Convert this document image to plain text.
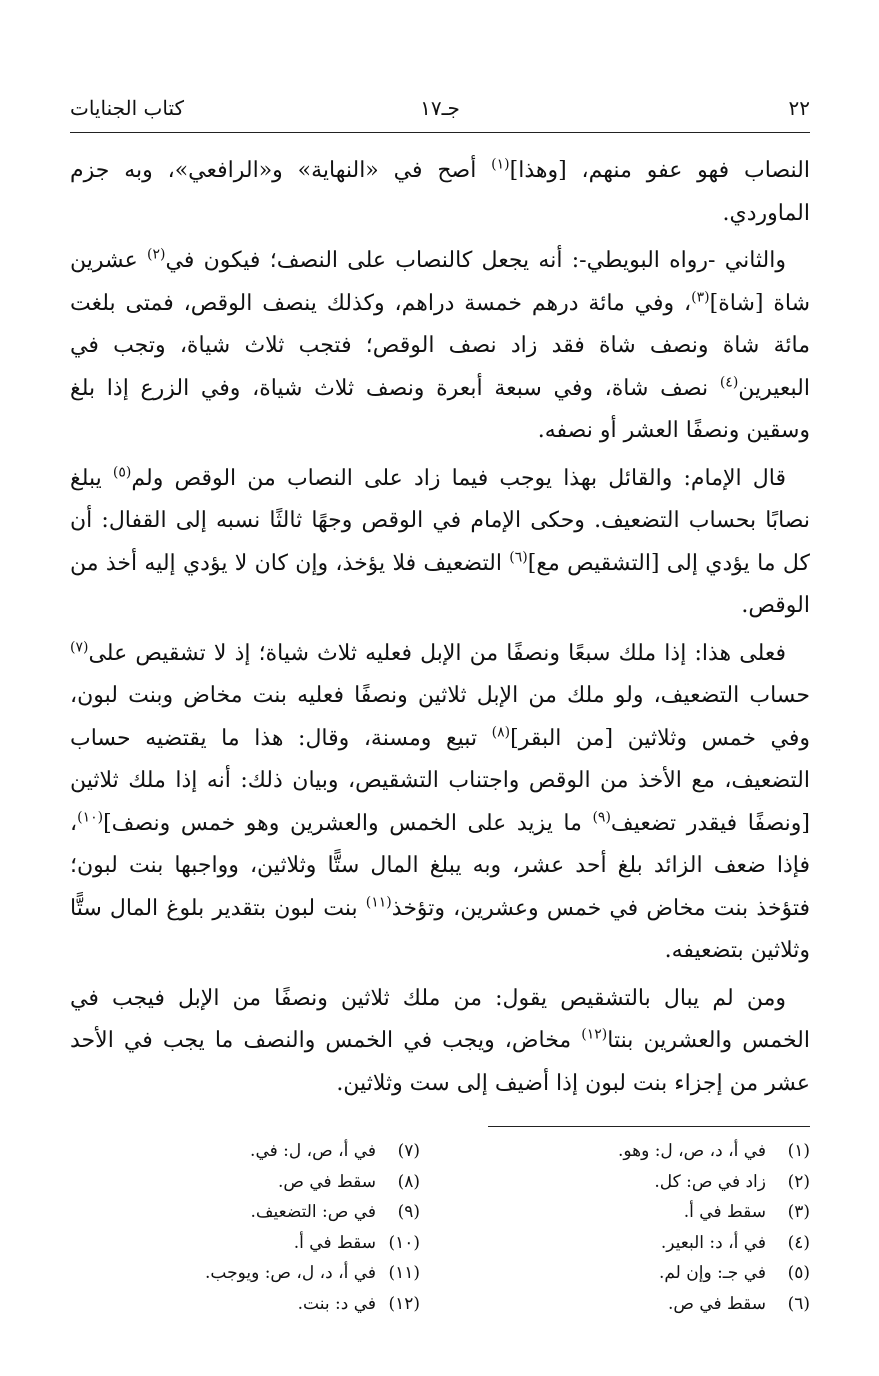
٢٢
جـ١٧
كتاب الجنايات

النصاب فهو عفو منهم، [وهذا]$^{(١)}$ أصح في «النهاية» و«الرافعي»، وبه جزم الماوردي.

والثاني -رواه البويطي-: أنه يجعل كالنصاب على النصف؛ فيكون في$^{(٢)}$ عشرين شاة [شاة]$^{(٣)}$، وفي مائة درهم خمسة دراهم، وكذلك ينصف الوقص، فمتى بلغت مائة شاة ونصف شاة فقد زاد نصف الوقص؛ فتجب ثلاث شياة، وتجب في البعيرين$^{(٤)}$ نصف شاة، وفي سبعة أبعرة ونصف ثلاث شياة، وفي الزرع إذا بلغ وسقين ونصفًا العشر أو نصفه.

قال الإمام: والقائل بهذا يوجب فيما زاد على النصاب من الوقص ولم$^{(٥)}$ يبلغ نصابًا بحساب التضعيف. وحكى الإمام في الوقص وجهًا ثالثًا نسبه إلى القفال: أن كل ما يؤدي إلى [التشقيص مع]$^{(٦)}$ التضعيف فلا يؤخذ، وإن كان لا يؤدي إليه أخذ من الوقص.

فعلى هذا: إذا ملك سبعًا ونصفًا من الإبل فعليه ثلاث شياة؛ إذ لا تشقيص على$^{(٧)}$ حساب التضعيف، ولو ملك من الإبل ثلاثين ونصفًا فعليه بنت مخاض وبنت لبون، وفي خمس وثلاثين [من البقر]$^{(٨)}$ تبيع ومسنة، وقال: هذا ما يقتضيه حساب التضعيف، مع الأخذ من الوقص واجتناب التشقيص، وبيان ذلك: أنه إذا ملك ثلاثين [ونصفًا فيقدر تضعيف$^{(٩)}$ ما يزيد على الخمس والعشرين وهو خمس ونصف]$^{(١٠)}$، فإذا ضعف الزائد بلغ أحد عشر، وبه يبلغ المال ستًّا وثلاثين، وواجبها بنت لبون؛ فتؤخذ بنت مخاض في خمس وعشرين، وتؤخذ$^{(١١)}$ بنت لبون بتقدير بلوغ المال ستًّا وثلاثين بتضعيفه.

ومن لم يبال بالتشقيص يقول: من ملك ثلاثين ونصفًا من الإبل فيجب في الخمس والعشرين بنتا$^{(١٢)}$ مخاض، ويجب في الخمس والنصف ما يجب في الأحد عشر من إجزاء بنت لبون إذا أضيف إلى ست وثلاثين.

(١)
في أ، د، ص، ل: وهو.
(٢)
زاد في ص: كل.
(٣)
سقط في أ.
(٤)
في أ، د: البعير.
(٥)
في جـ: وإن لم.
(٦)
سقط في ص.
(٧)
في أ، ص، ل: في.
(٨)
سقط في ص.
(٩)
في ص: التضعيف.
(١٠)
سقط في أ.
(١١)
في أ، د، ل، ص: ويوجب.
(١٢)
في د: بنت.
